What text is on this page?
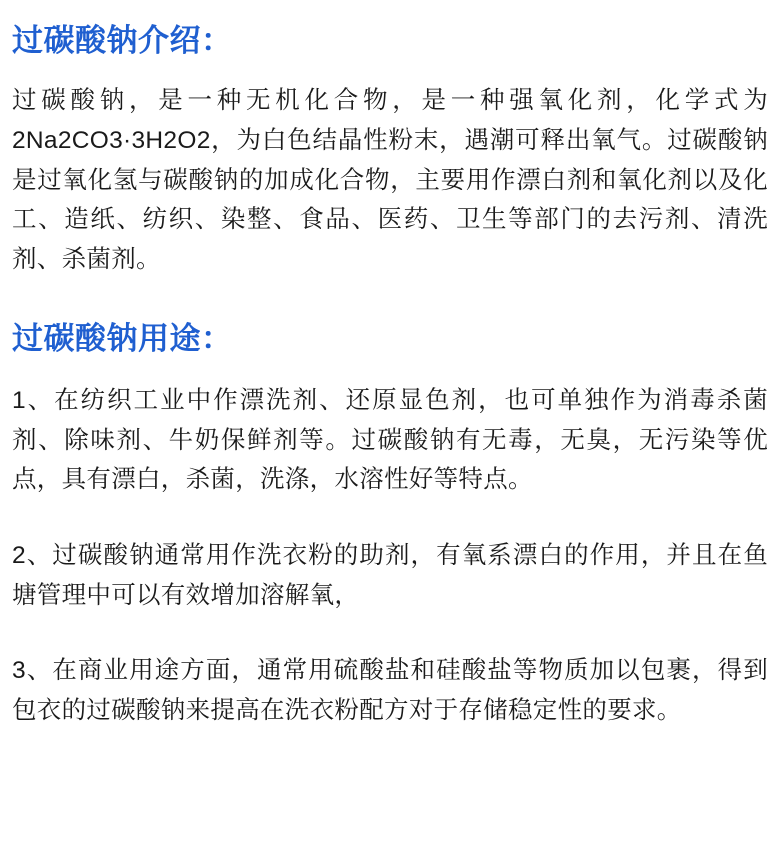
过碳酸钠介绍：

过碳酸钠，是一种无机化合物，是一种强氧化剂，化学式为2Na2CO3·3H2O2，为白色结晶性粉末，遇潮可释出氧气。过碳酸钠是过氧化氢与碳酸钠的加成化合物，主要用作漂白剂和氧化剂以及化工、造纸、纺织、染整、食品、医药、卫生等部门的去污剂、清洗剂、杀菌剂。

过碳酸钠用途：

1、在纺织工业中作漂洗剂、还原显色剂，也可单独作为消毒杀菌剂、除味剂、牛奶保鲜剂等。过碳酸钠有无毒，无臭，无污染等优点，具有漂白，杀菌，洗涤，水溶性好等特点。

2、过碳酸钠通常用作洗衣粉的助剂，有氧系漂白的作用，并且在鱼塘管理中可以有效增加溶解氧，

3、在商业用途方面，通常用硫酸盐和硅酸盐等物质加以包裹，得到包衣的过碳酸钠来提高在洗衣粉配方对于存储稳定性的要求。
